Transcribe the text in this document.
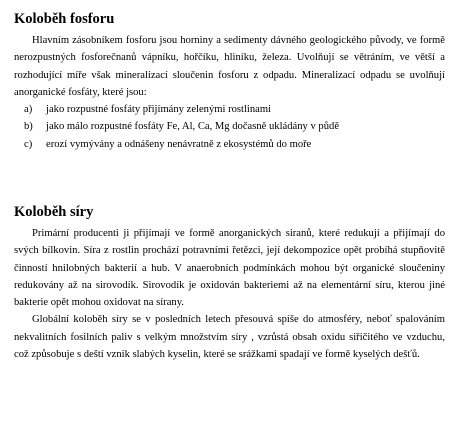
Koloběh fosforu

Hlavním zásobníkem fosforu jsou horniny a sedimenty dávného geologického původy, ve formě nerozpustných fosforečnanů vápníku, hořčíku, hliníku, železa. Uvolňují se větráním, ve větší a rozhodující míře však mineralizací sloučenin fosforu z odpadu. Mineralizací odpadu se uvolňují anorganické fosfáty, které jsou:

a)	jako rozpustné fosfáty přijímány zelenými rostlinami
b)	jako málo rozpustné fosfáty Fe, Al, Ca, Mg dočasně ukládány v půdě
c)	erozí vymývány a odnášeny nenávratně z ekosystémů do moře
Koloběh síry

Primární producenti ji přijímají ve formě anorganických siranů, které redukují a přijímají do svých bílkovin. Síra z rostlin prochází potravními řetězci, její dekompozice opět probíhá stupňovitě činností hnilobných bakterií a hub. V anaerobních podmínkách mohou být organické sloučeniny redukovány až na sirovodík. Sirovodík je oxidován bakteriemi až na elementární síru, kterou jiné bakterie opět mohou oxidovat na sírany.

Globální koloběh síry se v posledních letech přesouvá spíše do atmosféry, neboť spalováním nekvalitních fosilních paliv s velkým množstvím síry , vzrůstá obsah oxidu siřičitého ve vzduchu, což způsobuje s deští vznik slabých kyselin, které se srážkami spadají ve formě kyselých dešťů.
